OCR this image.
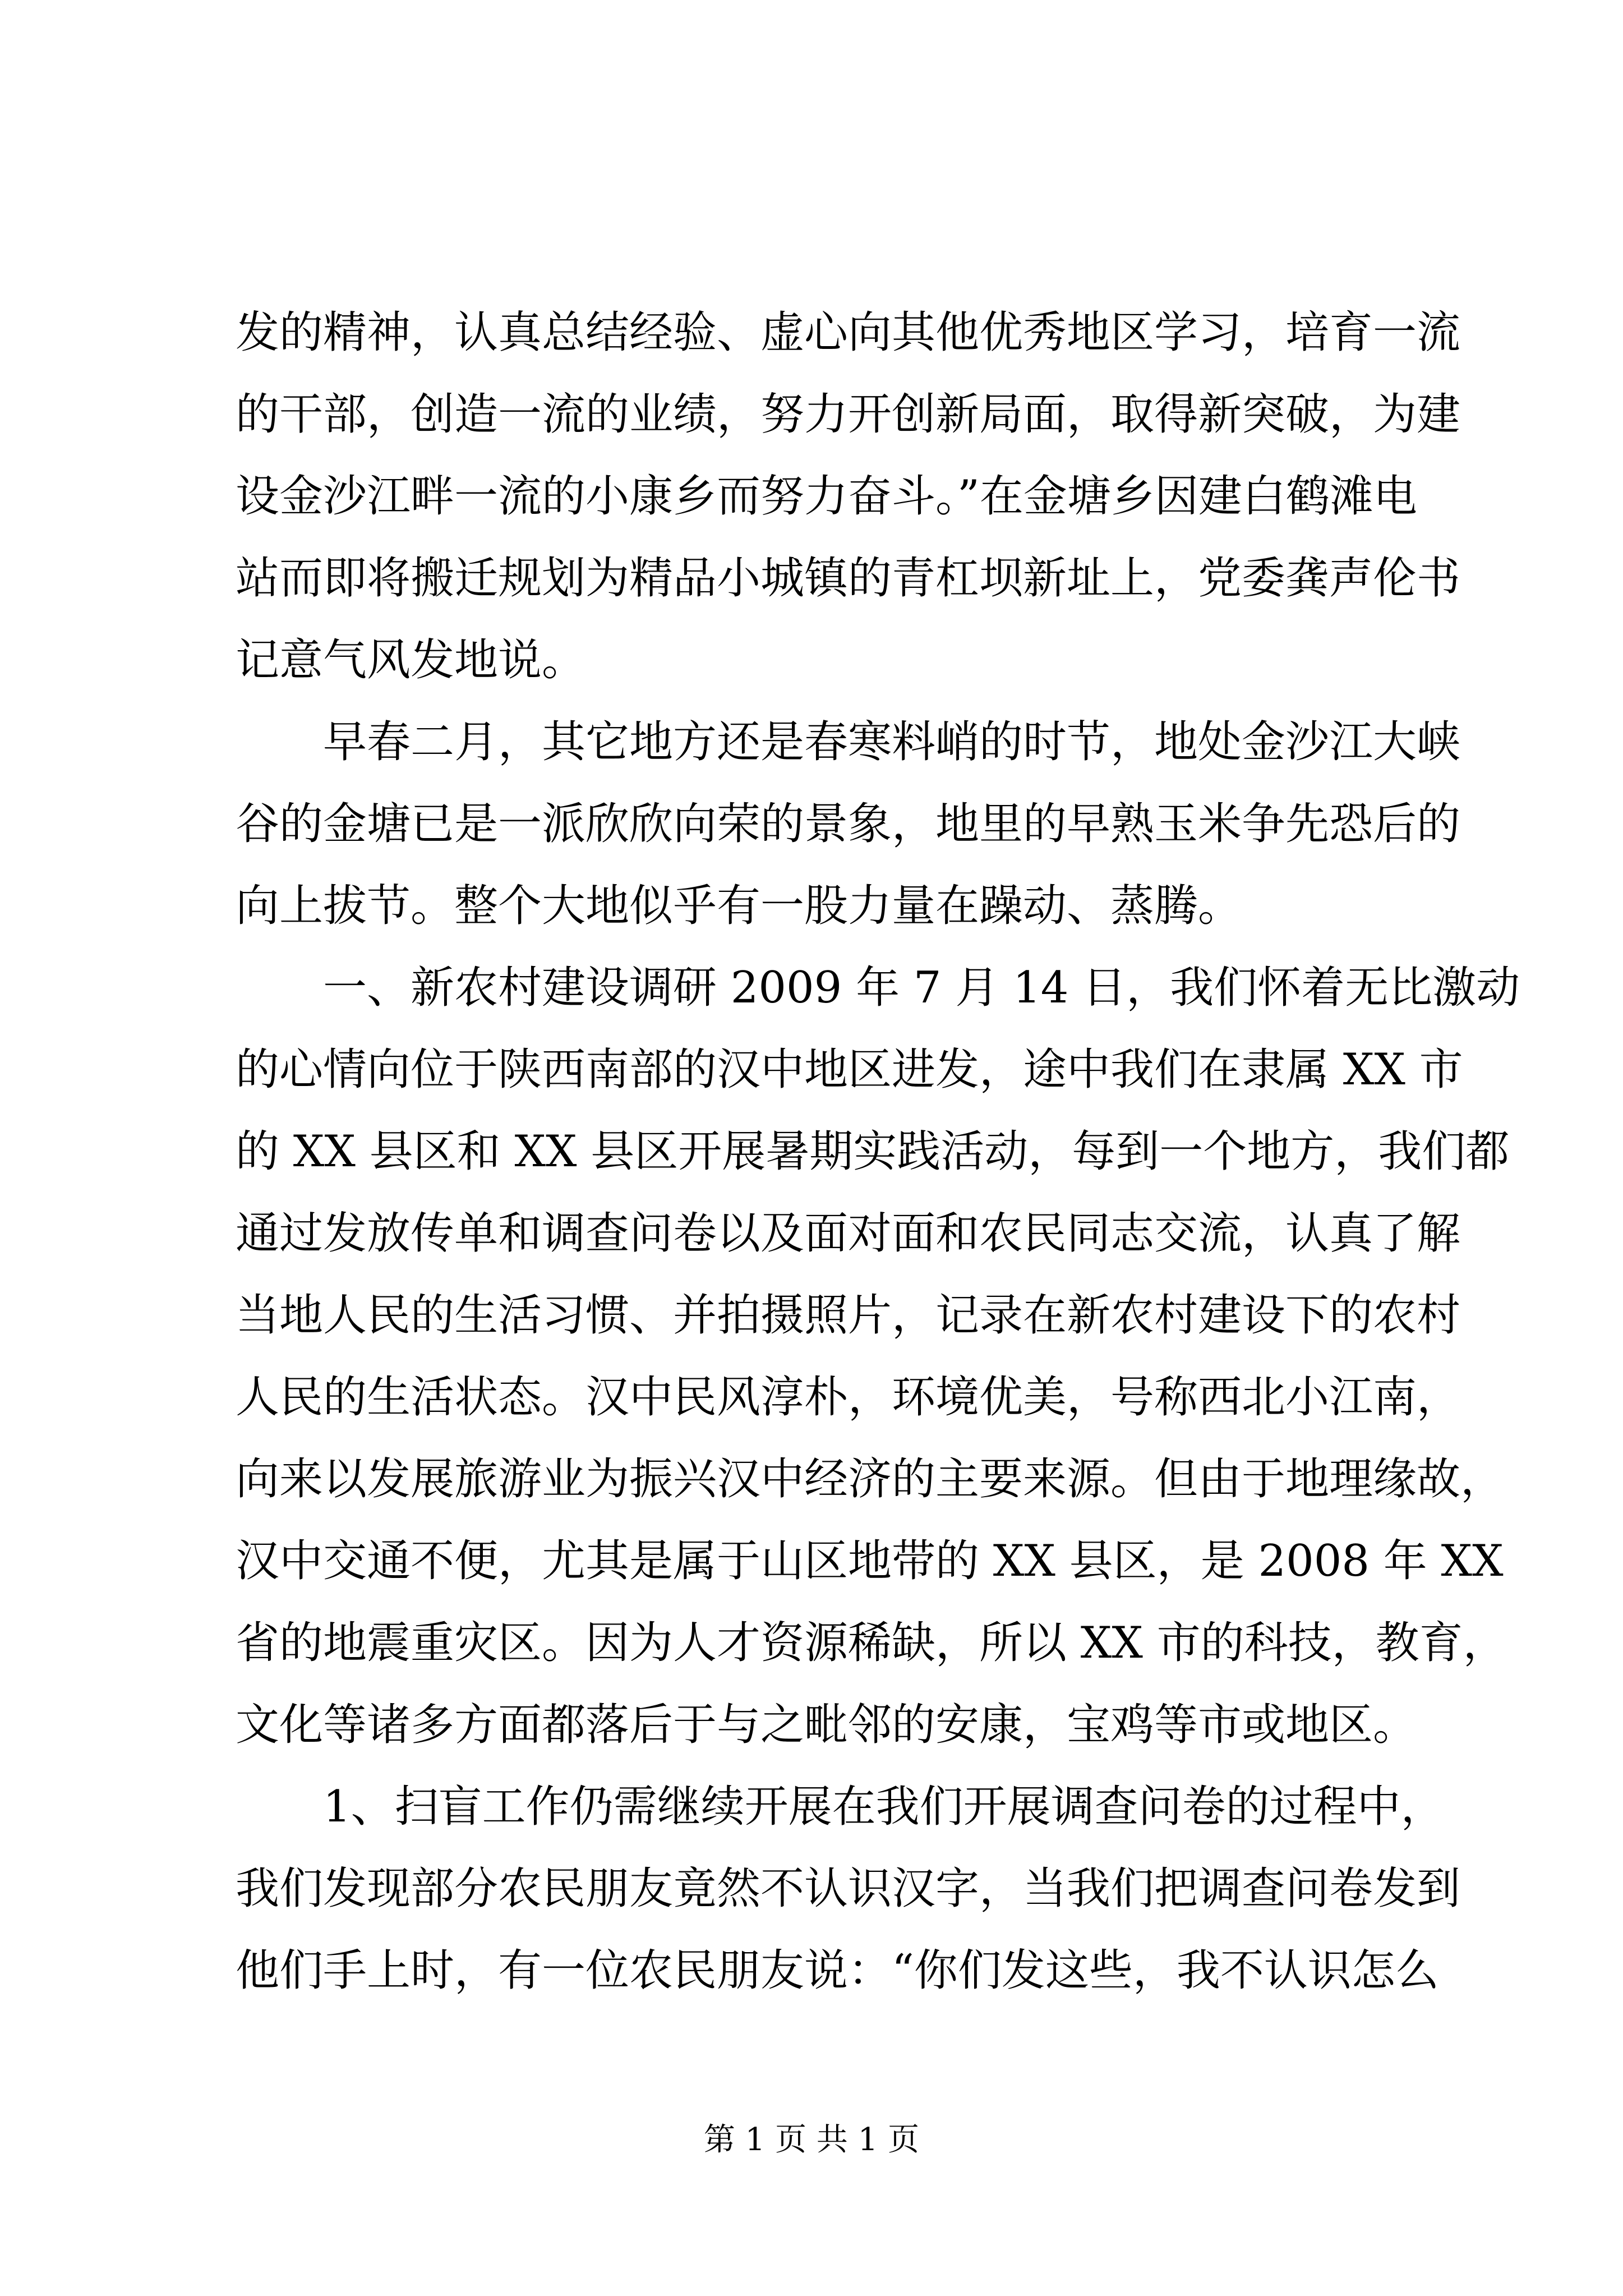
发的精神，认真总结经验、虚心向其他优秀地区学习，培育一流
的干部，创造一流的业绩，努力开创新局面，取得新突破，为建
设金沙江畔一流的小康乡而努力奋斗。”在金塘乡因建白鹤滩电
站而即将搬迁规划为精品小城镇的青杠坝新址上，党委龚声伦书
记意气风发地说。
早春二月，其它地方还是春寒料峭的时节，地处金沙江大峡
谷的金塘已是一派欣欣向荣的景象，地里的早熟玉米争先恐后的
向上拔节。整个大地似乎有一股力量在躁动、蒸腾。
一、新农村建设调研 2009 年 7 月 14 日，我们怀着无比激动
的心情向位于陕西南部的汉中地区进发，途中我们在隶属 XX 市
的 XX 县区和 XX 县区开展暑期实践活动，每到一个地方，我们都
通过发放传单和调查问卷以及面对面和农民同志交流，认真了解
当地人民的生活习惯、并拍摄照片，记录在新农村建设下的农村
人民的生活状态。汉中民风淳朴，环境优美，号称西北小江南，
向来以发展旅游业为振兴汉中经济的主要来源。但由于地理缘故，
汉中交通不便，尤其是属于山区地带的 XX 县区，是 2008 年 XX
省的地震重灾区。因为人才资源稀缺，所以 XX 市的科技，教育，
文化等诸多方面都落后于与之毗邻的安康，宝鸡等市或地区。
1、扫盲工作仍需继续开展在我们开展调查问卷的过程中，
我们发现部分农民朋友竟然不认识汉字，当我们把调查问卷发到
他们手上时，有一位农民朋友说：“你们发这些，我不认识怎么
第 1 页 共 1 页
